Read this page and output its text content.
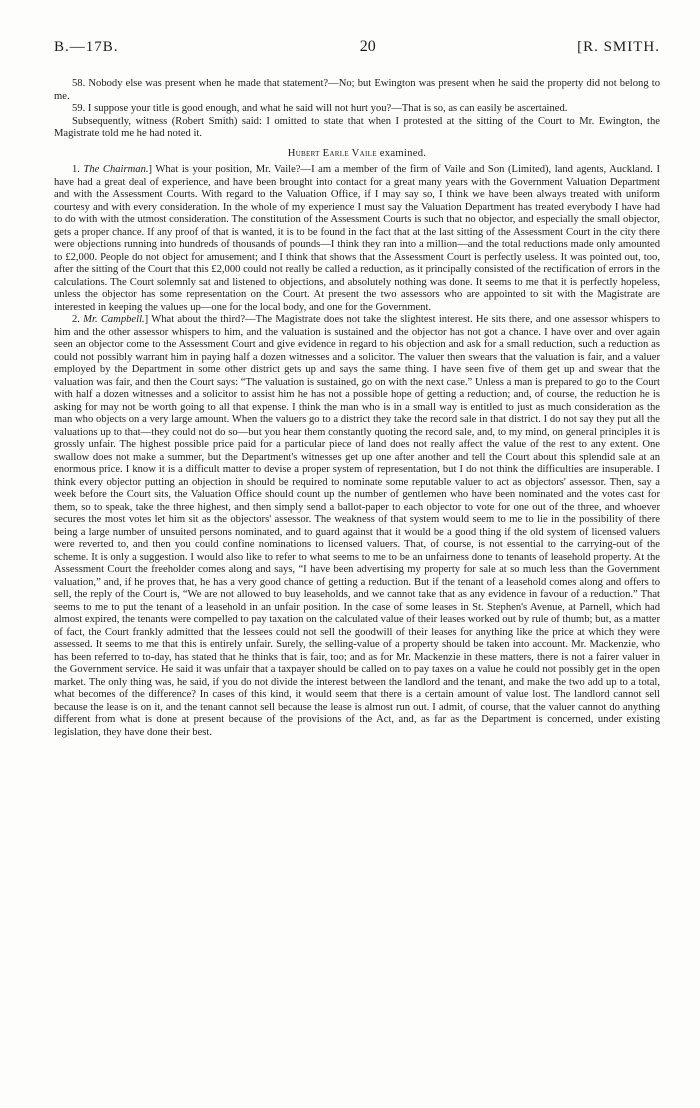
B.—17B.	20	[R. SMITH.

58. Nobody else was present when he made that statement?—No; but Ewington was present when he said the property did not belong to me.

59. I suppose your title is good enough, and what he said will not hurt you?—That is so, as can easily be ascertained.

Subsequently, witness (Robert Smith) said: I omitted to state that when I protested at the sitting of the Court to Mr. Ewington, the Magistrate told me he had noted it.

Hubert Earle Vaile examined.

1. The Chairman.] What is your position, Mr. Vaile?—I am a member of the firm of Vaile and Son (Limited), land agents, Auckland. I have had a great deal of experience, and have been brought into contact for a great many years with the Government Valuation Department and with the Assessment Courts. With regard to the Valuation Office, if I may say so, I think we have been always treated with uniform courtesy and with every consideration. In the whole of my experience I must say the Valuation Department has treated everybody I have had to do with with the utmost consideration. The constitution of the Assessment Courts is such that no objector, and especially the small objector, gets a proper chance. If any proof of that is wanted, it is to be found in the fact that at the last sitting of the Assessment Court in the city there were objections running into hundreds of thousands of pounds—I think they ran into a million—and the total reductions made only amounted to £2,000. People do not object for amusement; and I think that shows that the Assessment Court is perfectly useless. It was pointed out, too, after the sitting of the Court that this £2,000 could not really be called a reduction, as it principally consisted of the rectification of errors in the calculations. The Court solemnly sat and listened to objections, and absolutely nothing was done. It seems to me that it is perfectly hopeless, unless the objector has some representation on the Court. At present the two assessors who are appointed to sit with the Magistrate are interested in keeping the values up—one for the local body, and one for the Government.

2. Mr. Campbell.] What about the third?—The Magistrate does not take the slightest interest. He sits there, and one assessor whispers to him and the other assessor whispers to him, and the valuation is sustained and the objector has not got a chance. I have over and over again seen an objector come to the Assessment Court and give evidence in regard to his objection and ask for a small reduction, such a reduction as could not possibly warrant him in paying half a dozen witnesses and a solicitor. The valuer then swears that the valuation is fair, and a valuer employed by the Department in some other district gets up and says the same thing. I have seen five of them get up and swear that the valuation was fair, and then the Court says: “The valuation is sustained, go on with the next case.” Unless a man is prepared to go to the Court with half a dozen witnesses and a solicitor to assist him he has not a possible hope of getting a reduction; and, of course, the reduction he is asking for may not be worth going to all that expense. I think the man who is in a small way is entitled to just as much consideration as the man who objects on a very large amount. When the valuers go to a district they take the record sale in that district. I do not say they put all the valuations up to that—they could not do so—but you hear them constantly quoting the record sale, and, to my mind, on general principles it is grossly unfair. The highest possible price paid for a particular piece of land does not really affect the value of the rest to any extent. One swallow does not make a summer, but the Department's witnesses get up one after another and tell the Court about this splendid sale at an enormous price. I know it is a difficult matter to devise a proper system of representation, but I do not think the difficulties are insuperable. I think every objector putting an objection in should be required to nominate some reputable valuer to act as objectors' assessor. Then, say a week before the Court sits, the Valuation Office should count up the number of gentlemen who have been nominated and the votes cast for them, so to speak, take the three highest, and then simply send a ballot-paper to each objector to vote for one out of the three, and whoever secures the most votes let him sit as the objectors' assessor. The weakness of that system would seem to me to lie in the possibility of there being a large number of unsuited persons nominated, and to guard against that it would be a good thing if the old system of licensed valuers were reverted to, and then you could confine nominations to licensed valuers. That, of course, is not essential to the carrying-out of the scheme. It is only a suggestion. I would also like to refer to what seems to me to be an unfairness done to tenants of leasehold property. At the Assessment Court the freeholder comes along and says, “I have been advertising my property for sale at so much less than the Government valuation,” and, if he proves that, he has a very good chance of getting a reduction. But if the tenant of a leasehold comes along and offers to sell, the reply of the Court is, “We are not allowed to buy leaseholds, and we cannot take that as any evidence in favour of a reduction.” That seems to me to put the tenant of a leasehold in an unfair position. In the case of some leases in St. Stephen's Avenue, at Parnell, which had almost expired, the tenants were compelled to pay taxation on the calculated value of their leases worked out by rule of thumb; but, as a matter of fact, the Court frankly admitted that the lessees could not sell the goodwill of their leases for anything like the price at which they were assessed. It seems to me that this is entirely unfair. Surely, the selling-value of a property should be taken into account. Mr. Mackenzie, who has been referred to to-day, has stated that he thinks that is fair, too; and as for Mr. Mackenzie in these matters, there is not a fairer valuer in the Government service. He said it was unfair that a taxpayer should be called on to pay taxes on a value he could not possibly get in the open market. The only thing was, he said, if you do not divide the interest between the landlord and the tenant, and make the two add up to a total, what becomes of the difference? In cases of this kind, it would seem that there is a certain amount of value lost. The landlord cannot sell because the lease is on it, and the tenant cannot sell because the lease is almost run out. I admit, of course, that the valuer cannot do anything different from what is done at present because of the provisions of the Act, and, as far as the Department is concerned, under existing legislation, they have done their best.
